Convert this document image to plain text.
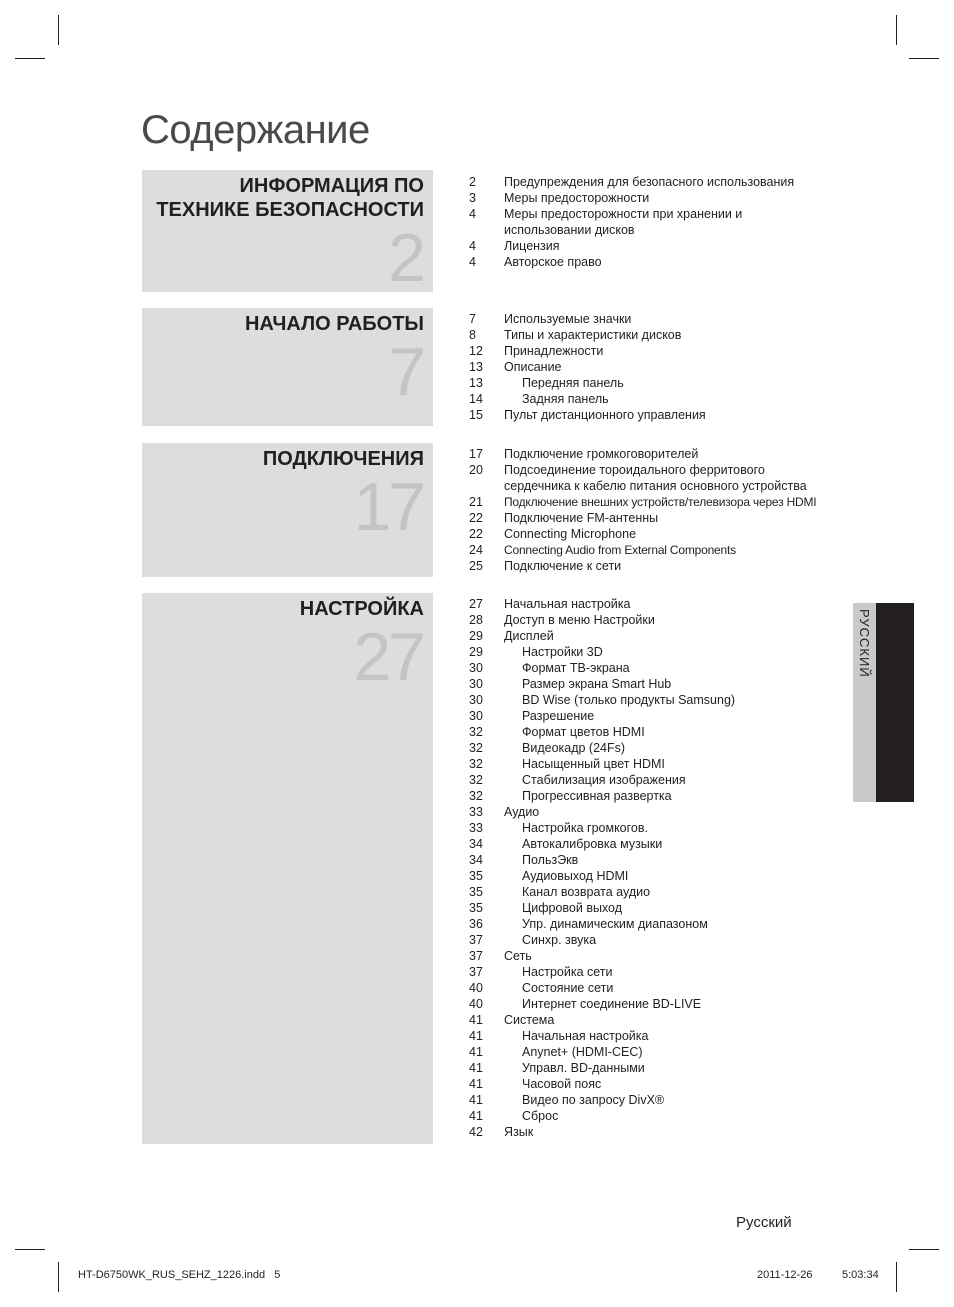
Содержание
ИНФОРМАЦИЯ ПО
ТЕХНИКЕ БЕЗОПАСНОСТИ
2
2 Предупреждения для безопасного использования
3 Меры предосторожности
4 Меры предосторожности при хранении и
использовании дисков
4 Лицензия
4 Авторское право
НАЧАЛО РАБОТЫ
7
7 Используемые значки
8 Типы и характеристики дисков
12 Принадлежности
13 Описание
13	Передняя панель
14	Задняя панель
15 Пульт дистанционного управления
ПОДКЛЮЧЕНИЯ
17
17 Подключение громкоговорителей
20 Подсоединение тороидального ферритового
сердечника к кабелю питания основного устройства
21 Подключение внешних устройств/телевизора через HDMI
22 Подключение FM-антенны
22 Connecting Microphone
24 Connecting Audio from External Components
25 Подключение к сети
НАСТРОЙКА
27
27 Начальная настройка
28 Доступ в меню Настройки
29 Дисплей
29	Настройки 3D
30	Формат ТВ-экрана
30	Размер экрана Smart Hub
30	BD Wise (только продукты Samsung)
30	Разрешение
32	Формат цветов HDMI
32	Видеокадр (24Fs)
32	Насыщенный цвет HDMI
32	Стабилизация изображения
32	Прогрессивная развертка
33 Аудио
33	Настройка громкогов.
34	Автокалибровка музыки
34	ПользЭкв
35	Аудиовыход HDMI
35	Канал возврата аудио
35	Цифровой выход
36	Упр. динамическим диапазоном
37	Синхр. звука
37 Сеть
37	Настройка сети
40	Состояние сети
40	Интернет соединение BD-LIVE
41 Система
41	Начальная настройка
41	Anynet+ (HDMI-CEC)
41	Управл. BD-данными
41	Часовой пояс
41	Видео по запросу DivX®
41	Сброс
42 Язык
РУССКИЙ
Русский
HT-D6750WK_RUS_SEHZ_1226.indd   5	2011-12-26	5:03:34
